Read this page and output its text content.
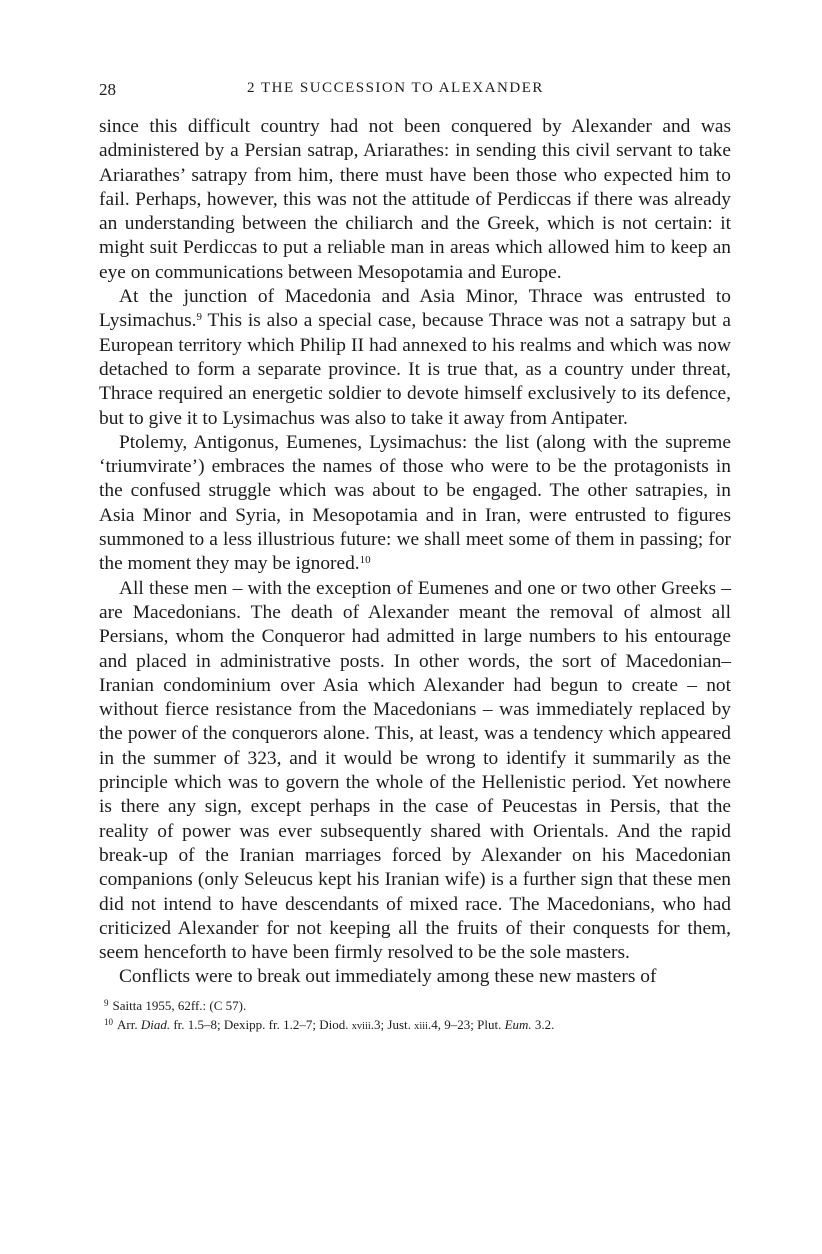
28	2 THE SUCCESSION TO ALEXANDER

since this difficult country had not been conquered by Alexander and was administered by a Persian satrap, Ariarathes: in sending this civil servant to take Ariarathes’ satrapy from him, there must have been those who expected him to fail. Perhaps, however, this was not the attitude of Perdiccas if there was already an understanding between the chiliarch and the Greek, which is not certain: it might suit Perdiccas to put a reliable man in areas which allowed him to keep an eye on communications between Mesopotamia and Europe.

At the junction of Macedonia and Asia Minor, Thrace was entrusted to Lysimachus.$^9$ This is also a special case, because Thrace was not a satrapy but a European territory which Philip II had annexed to his realms and which was now detached to form a separate province. It is true that, as a country under threat, Thrace required an energetic soldier to devote himself exclusively to its defence, but to give it to Lysimachus was also to take it away from Antipater.

Ptolemy, Antigonus, Eumenes, Lysimachus: the list (along with the supreme ‘triumvirate’) embraces the names of those who were to be the protagonists in the confused struggle which was about to be engaged. The other satrapies, in Asia Minor and Syria, in Mesopotamia and in Iran, were entrusted to figures summoned to a less illustrious future: we shall meet some of them in passing; for the moment they may be ignored.$^{10}$

All these men – with the exception of Eumenes and one or two other Greeks – are Macedonians. The death of Alexander meant the removal of almost all Persians, whom the Conqueror had admitted in large numbers to his entourage and placed in administrative posts. In other words, the sort of Macedonian–Iranian condominium over Asia which Alexander had begun to create – not without fierce resistance from the Macedonians – was immediately replaced by the power of the conquerors alone. This, at least, was a tendency which appeared in the summer of 323, and it would be wrong to identify it summarily as the principle which was to govern the whole of the Hellenistic period. Yet nowhere is there any sign, except perhaps in the case of Peucestas in Persis, that the reality of power was ever subsequently shared with Orientals. And the rapid break-up of the Iranian marriages forced by Alexander on his Macedonian companions (only Seleucus kept his Iranian wife) is a further sign that these men did not intend to have descendants of mixed race. The Macedonians, who had criticized Alexander for not keeping all the fruits of their conquests for them, seem henceforth to have been firmly resolved to be the sole masters.

Conflicts were to break out immediately among these new masters of

$^9$ Saitta 1955, 62ff.: (C 57).
$^{10}$ Arr. Diad. fr. 1.5–8; Dexipp. fr. 1.2–7; Diod. xviii.3; Just. xiii.4, 9–23; Plut. Eum. 3.2.
